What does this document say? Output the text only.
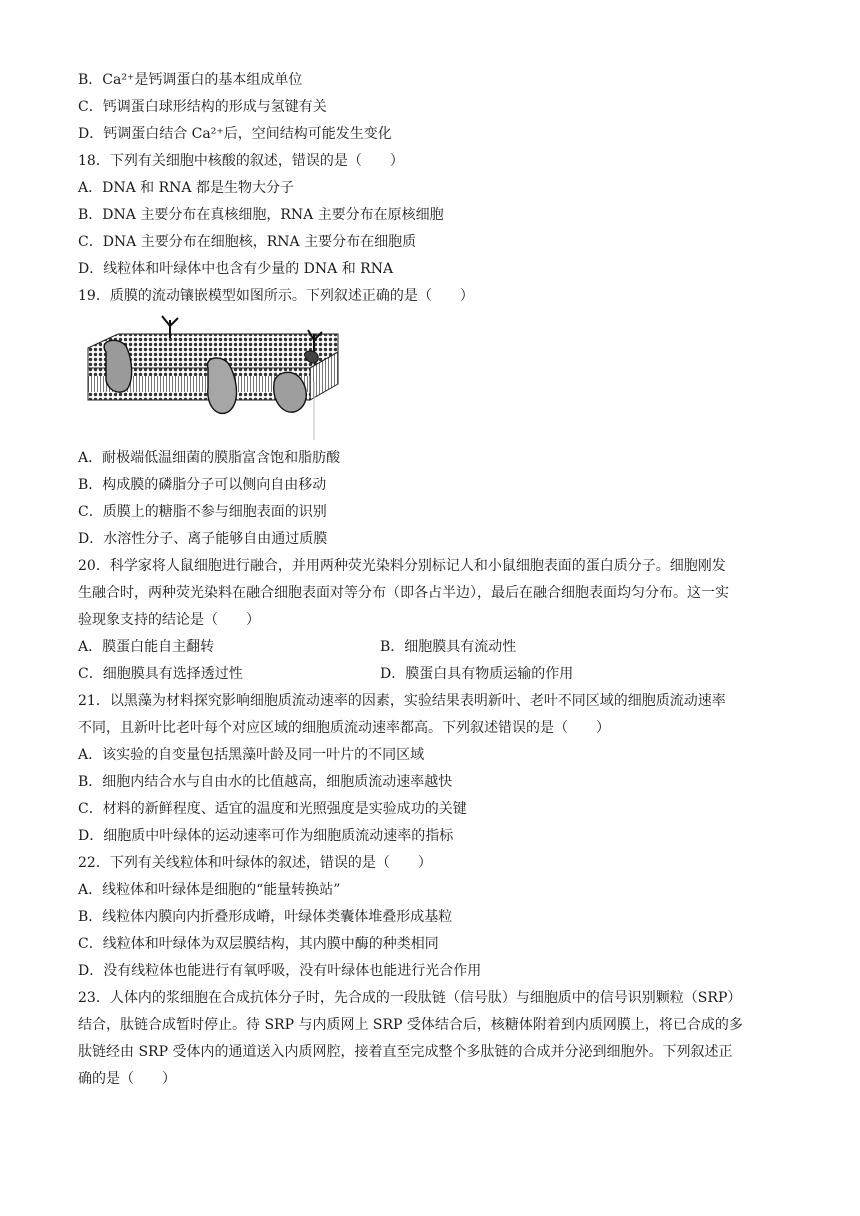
B．Ca²⁺是钙调蛋白的基本组成单位
C．钙调蛋白球形结构的形成与氢键有关
D．钙调蛋白结合 Ca²⁺后，空间结构可能发生变化
18．下列有关细胞中核酸的叙述，错误的是（　　）
A．DNA 和 RNA 都是生物大分子
B．DNA 主要分布在真核细胞，RNA 主要分布在原核细胞
C．DNA 主要分布在细胞核，RNA 主要分布在细胞质
D．线粒体和叶绿体中也含有少量的 DNA 和 RNA
19．质膜的流动镶嵌模型如图所示。下列叙述正确的是（　　）
A．耐极端低温细菌的膜脂富含饱和脂肪酸
B．构成膜的磷脂分子可以侧向自由移动
C．质膜上的糖脂不参与细胞表面的识别
D．水溶性分子、离子能够自由通过质膜
20．科学家将人鼠细胞进行融合，并用两种荧光染料分别标记人和小鼠细胞表面的蛋白质分子。细胞刚发
生融合时，两种荧光染料在融合细胞表面对等分布（即各占半边），最后在融合细胞表面均匀分布。这一实
验现象支持的结论是（　　）
A．膜蛋白能自主翻转	B．细胞膜具有流动性
C．细胞膜具有选择透过性	D．膜蛋白具有物质运输的作用
21．以黑藻为材料探究影响细胞质流动速率的因素，实验结果表明新叶、老叶不同区域的细胞质流动速率
不同，且新叶比老叶每个对应区域的细胞质流动速率都高。下列叙述错误的是（　　）
A．该实验的自变量包括黑藻叶龄及同一叶片的不同区域
B．细胞内结合水与自由水的比值越高，细胞质流动速率越快
C．材料的新鲜程度、适宜的温度和光照强度是实验成功的关键
D．细胞质中叶绿体的运动速率可作为细胞质流动速率的指标
22．下列有关线粒体和叶绿体的叙述，错误的是（　　）
A．线粒体和叶绿体是细胞的“能量转换站”
B．线粒体内膜向内折叠形成嵴，叶绿体类囊体堆叠形成基粒
C．线粒体和叶绿体为双层膜结构，其内膜中酶的种类相同
D．没有线粒体也能进行有氧呼吸，没有叶绿体也能进行光合作用
23．人体内的浆细胞在合成抗体分子时，先合成的一段肽链（信号肽）与细胞质中的信号识别颗粒（SRP）
结合，肽链合成暂时停止。待 SRP 与内质网上 SRP 受体结合后，核糖体附着到内质网膜上，将已合成的多
肽链经由 SRP 受体内的通道送入内质网腔，接着直至完成整个多肽链的合成并分泌到细胞外。下列叙述正
确的是（　　）
